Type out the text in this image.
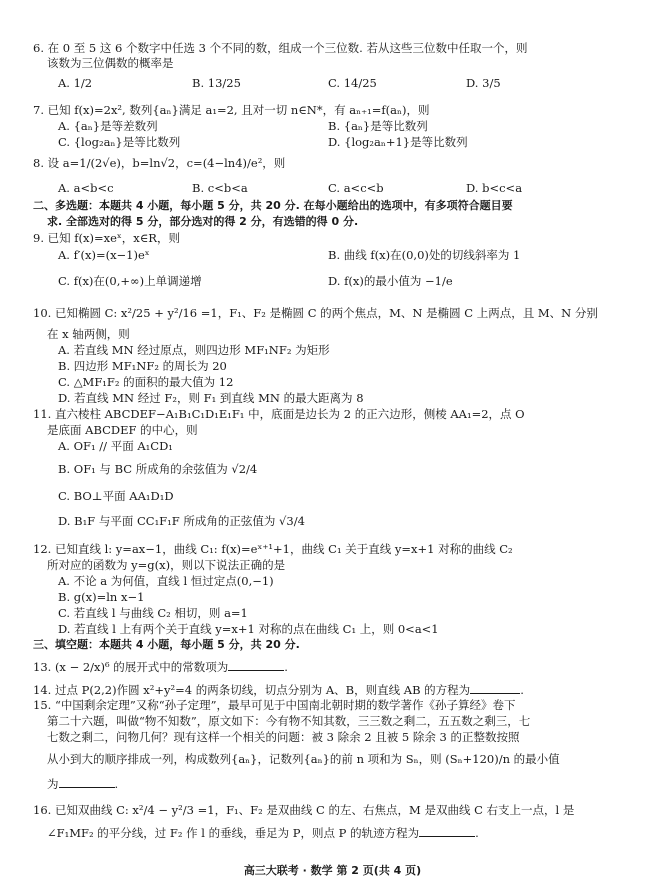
6. 在 0 至 5 这 6 个数字中任选 3 个不同的数，组成一个三位数. 若从这些三位数中任取一个，则
该数为三位偶数的概率是
A. 1/2	B. 13/25	C. 14/25	D. 3/5
7. 已知 f(x)=2x², 数列{aₙ}满足 a₁=2, 且对一切 n∈N*，有 aₙ₊₁=f(aₙ)，则
A. {aₙ}是等差数列	B. {aₙ}是等比数列
C. {log₂aₙ}是等比数列	D. {log₂aₙ+1}是等比数列
8. 设 a=1/(2√e)，b=ln√2，c=(4−ln4)/e²，则
A. a<b<c	B. c<b<a	C. a<c<b	D. b<c<a
二、多选题：本题共 4 小题，每小题 5 分，共 20 分. 在每小题给出的选项中，有多项符合题目要
求. 全部选对的得 5 分，部分选对的得 2 分，有选错的得 0 分.
9. 已知 f(x)=xeˣ，x∈R，则
A. f′(x)=(x−1)eˣ	B. 曲线 f(x)在(0,0)处的切线斜率为 1
C. f(x)在(0,+∞)上单调递增	D. f(x)的最小值为 −1/e
10. 已知椭圆 C: x²/25 + y²/16 =1，F₁、F₂ 是椭圆 C 的两个焦点，M、N 是椭圆 C 上两点，且 M、N 分别
在 x 轴两侧，则
A. 若直线 MN 经过原点，则四边形 MF₁NF₂ 为矩形
B. 四边形 MF₁NF₂ 的周长为 20
C. △MF₁F₂ 的面积的最大值为 12
D. 若直线 MN 经过 F₂，则 F₁ 到直线 MN 的最大距离为 8
11. 直六棱柱 ABCDEF−A₁B₁C₁D₁E₁F₁ 中，底面是边长为 2 的正六边形，侧棱 AA₁=2，点 O
是底面 ABCDEF 的中心，则
A. OF₁ // 平面 A₁CD₁
B. OF₁ 与 BC 所成角的余弦值为 √2/4
C. BO⊥平面 AA₁D₁D
D. B₁F 与平面 CC₁F₁F 所成角的正弦值为 √3/4
12. 已知直线 l: y=ax−1，曲线 C₁: f(x)=eˣ⁺¹+1，曲线 C₁ 关于直线 y=x+1 对称的曲线 C₂
所对应的函数为 y=g(x)，则以下说法正确的是
A. 不论 a 为何值，直线 l 恒过定点(0,−1)
B. g(x)=ln x−1
C. 若直线 l 与曲线 C₂ 相切，则 a=1
D. 若直线 l 上有两个关于直线 y=x+1 对称的点在曲线 C₁ 上，则 0<a<1
三、填空题：本题共 4 小题，每小题 5 分，共 20 分.
13. (x − 2/x)⁶ 的展开式中的常数项为	.
14. 过点 P(2,2)作圆 x²+y²=4 的两条切线，切点分别为 A、B，则直线 AB 的方程为	.
15. “中国剩余定理”又称“孙子定理”，最早可见于中国南北朝时期的数学著作《孙子算经》卷下
第二十六题，叫做“物不知数”，原文如下：今有物不知其数，三三数之剩二，五五数之剩三，七
七数之剩二，问物几何？现有这样一个相关的问题：被 3 除余 2 且被 5 除余 3 的正整数按照
从小到大的顺序排成一列，构成数列{aₙ}，记数列{aₙ}的前 n 项和为 Sₙ，则 (Sₙ+120)/n 的最小值
为	.
16. 已知双曲线 C: x²/4 − y²/3 =1，F₁、F₂ 是双曲线 C 的左、右焦点，M 是双曲线 C 右支上一点，l 是
∠F₁MF₂ 的平分线，过 F₂ 作 l 的垂线，垂足为 P，则点 P 的轨迹方程为	.
高三大联考 · 数学 第 2 页(共 4 页)
